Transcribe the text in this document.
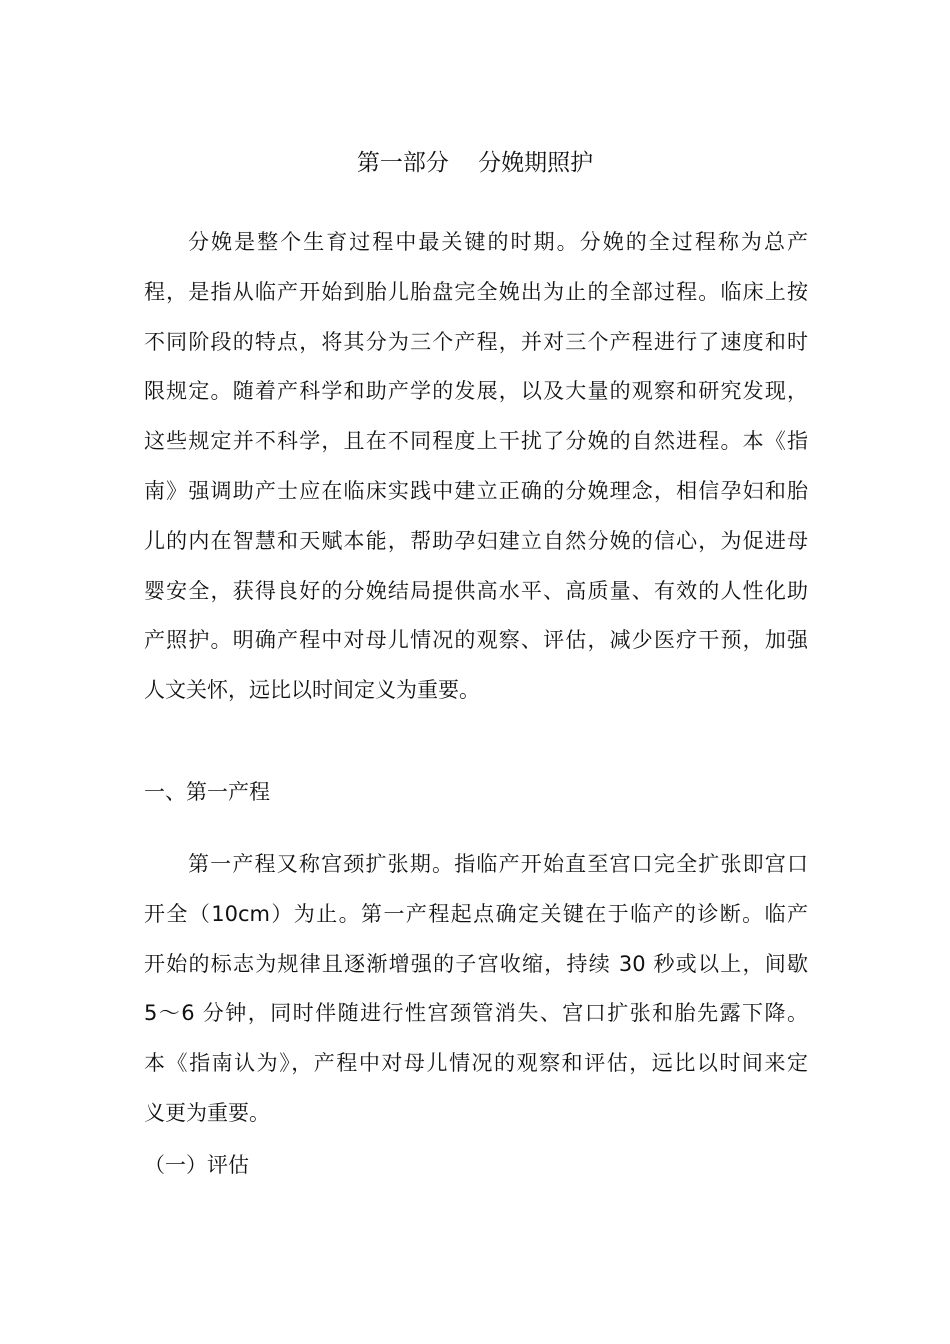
第一部分    分娩期照护
分娩是整个生育过程中最关键的时期。分娩的全过程称为总产
程，是指从临产开始到胎儿胎盘完全娩出为止的全部过程。临床上按
不同阶段的特点，将其分为三个产程，并对三个产程进行了速度和时
限规定。随着产科学和助产学的发展，以及大量的观察和研究发现，
这些规定并不科学，且在不同程度上干扰了分娩的自然进程。本《指
南》强调助产士应在临床实践中建立正确的分娩理念，相信孕妇和胎
儿的内在智慧和天赋本能，帮助孕妇建立自然分娩的信心，为促进母
婴安全，获得良好的分娩结局提供高水平、高质量、有效的人性化助
产照护。明确产程中对母儿情况的观察、评估，减少医疗干预，加强
人文关怀，远比以时间定义为重要。
一、第一产程
第一产程又称宫颈扩张期。指临产开始直至宫口完全扩张即宫口
开全（10cm）为止。第一产程起点确定关键在于临产的诊断。临产
开始的标志为规律且逐渐增强的子宫收缩，持续 30 秒或以上，间歇
5～6 分钟，同时伴随进行性宫颈管消失、宫口扩张和胎先露下降。
本《指南认为》，产程中对母儿情况的观察和评估，远比以时间来定
义更为重要。
（一）评估
